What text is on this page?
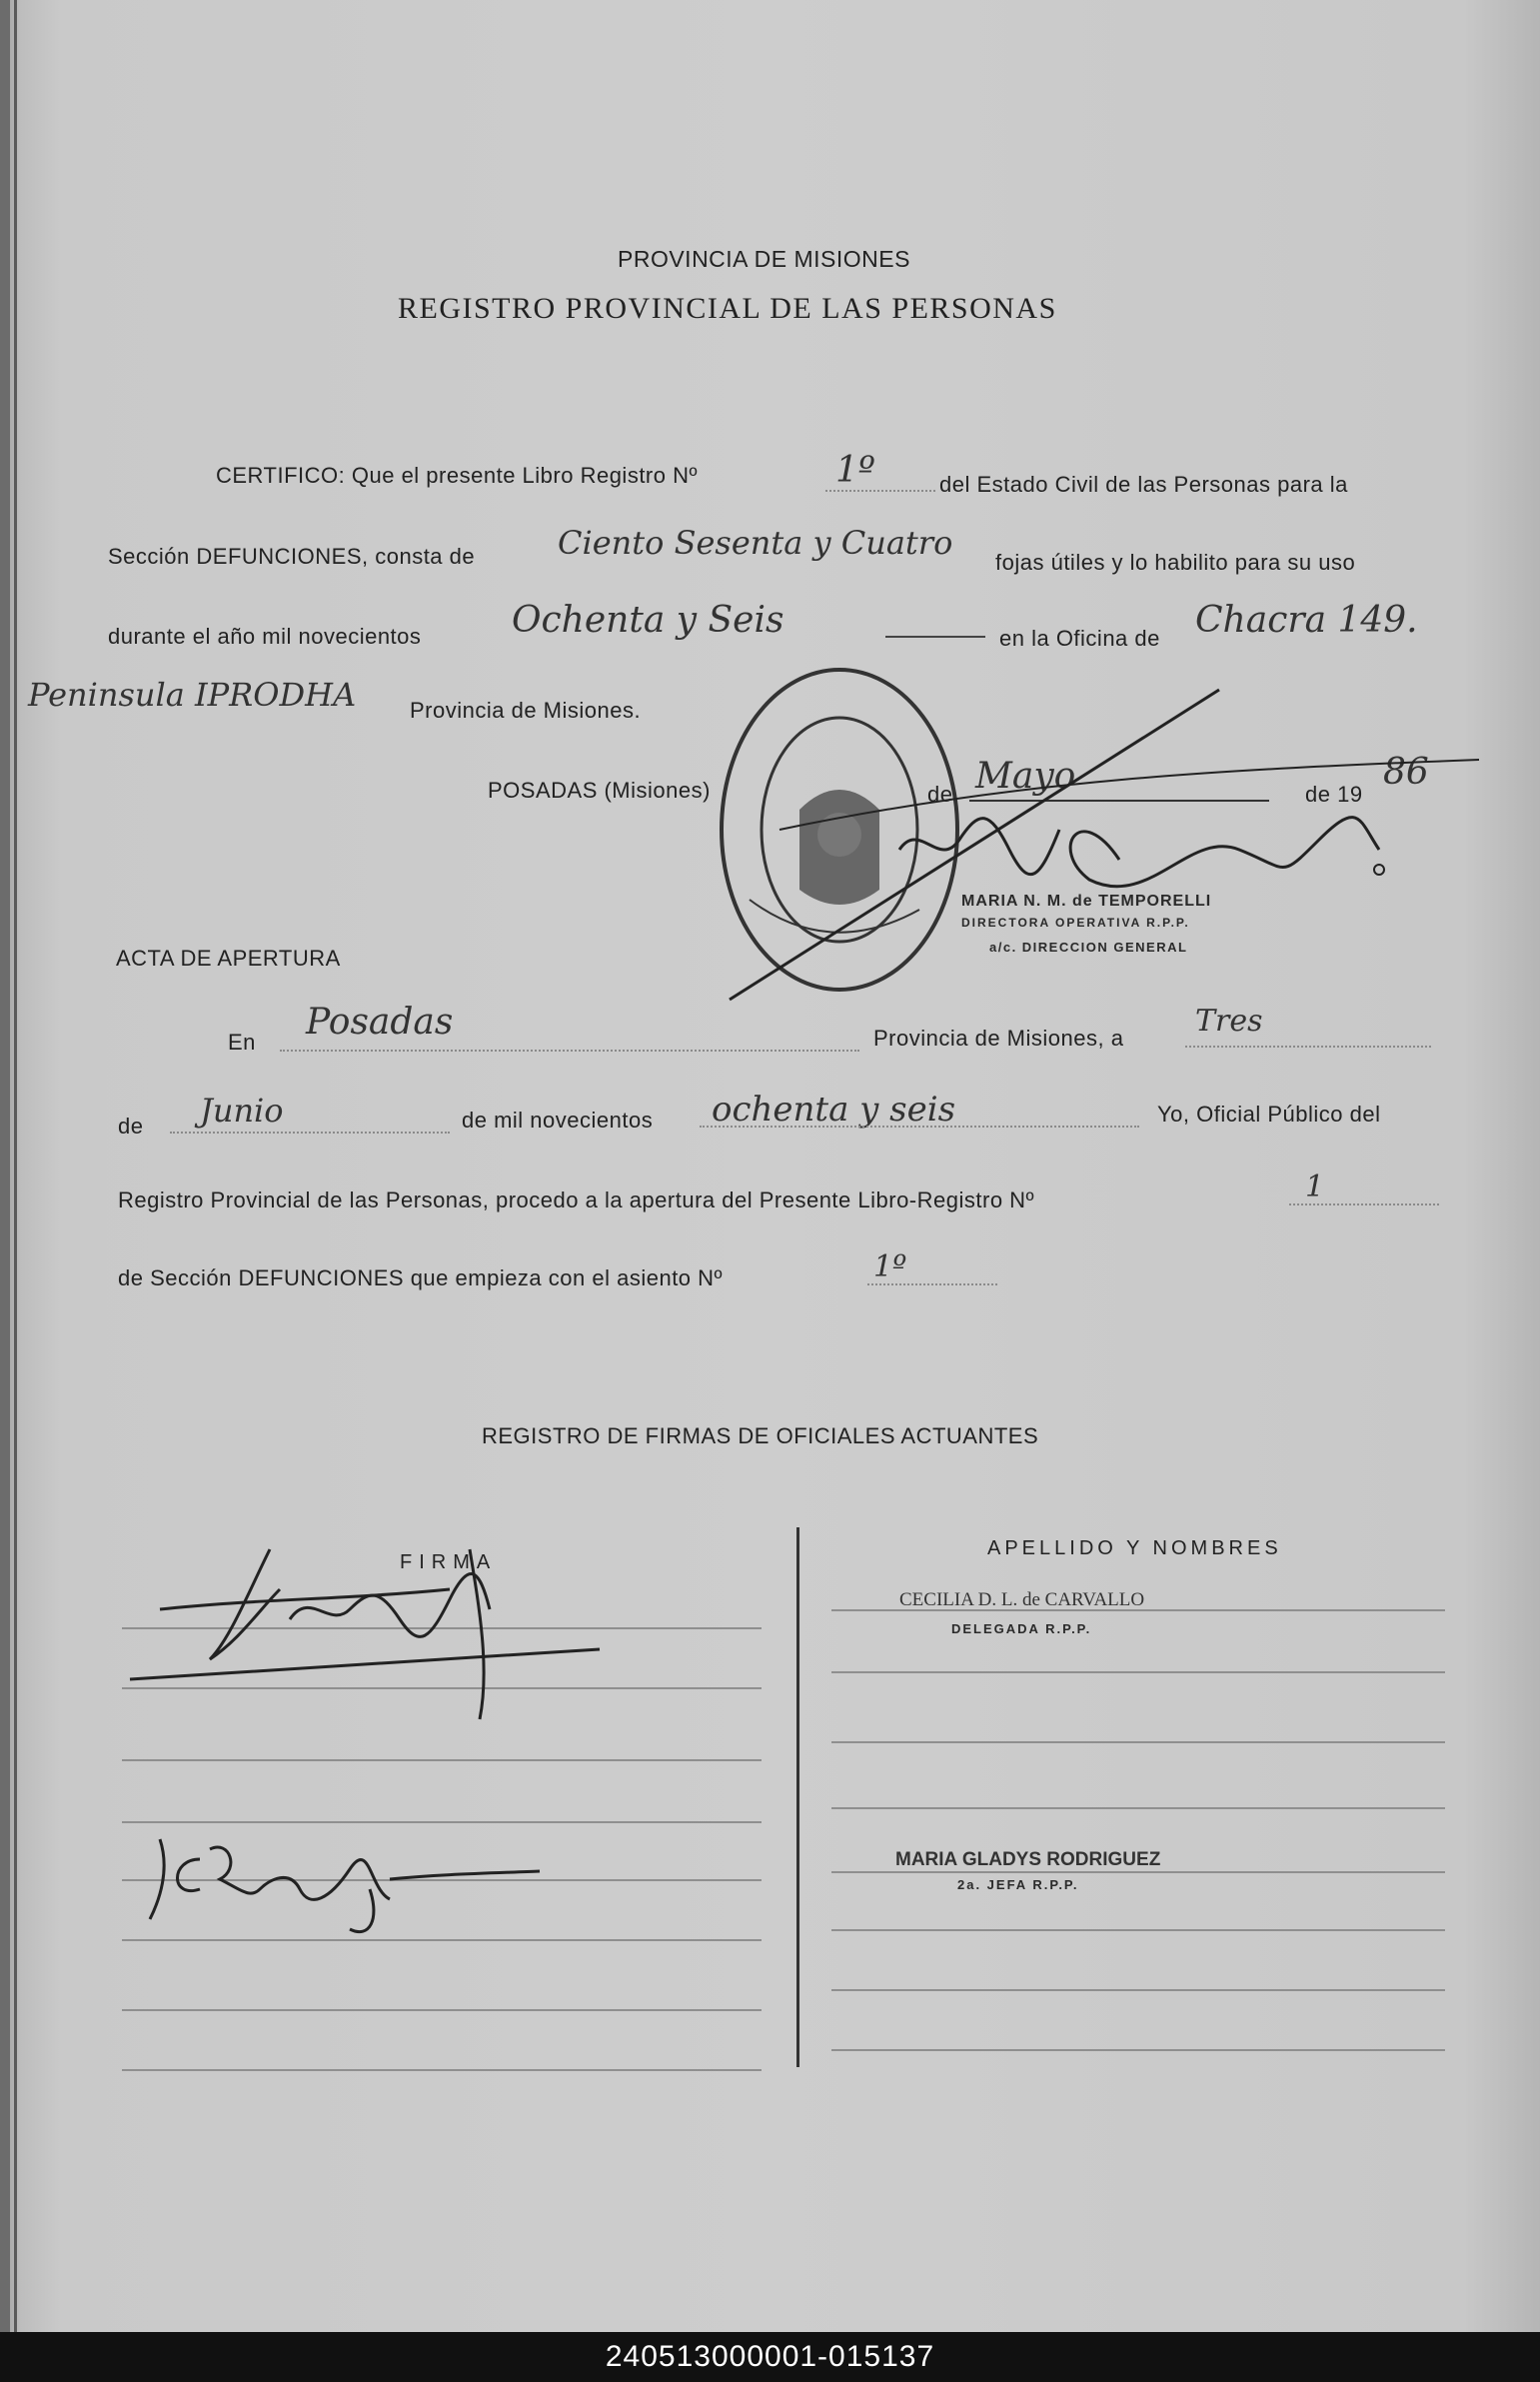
PROVINCIA DE MISIONES
REGISTRO PROVINCIAL DE LAS PERSONAS
CERTIFICO: Que el presente Libro Registro Nº	1º	del Estado Civil de las Personas para la
Sección DEFUNCIONES, consta de	Ciento Sesenta y Cuatro
fojas útiles y lo habilito para su uso
durante el año mil novecientos	Ochenta y Seis	en la Oficina de Chacra 149.
Peninsula IPRODHA Provincia de Misiones.
POSADAS (Misiones)	de Mayo	de 19
86
MARIA N. M. de TEMPORELLI
DIRECTORA OPERATIVA R.P.P.
a/c. DIRECCION GENERAL
ACTA DE APERTURA
En Posadas	Provincia de Misiones, a Tres
de Junio	de mil novecientos ochenta y seis	Yo, Oficial Público del
Registro Provincial de las Personas, procedo a la apertura del Presente Libro-Registro Nº	1
de Sección DEFUNCIONES que empieza con el asiento Nº	1º
REGISTRO DE FIRMAS DE OFICIALES ACTUANTES
FIRMA
APELLIDO Y NOMBRES
CECILIA D. L. de CARVALLO
DELEGADA R.P.P.
MARIA GLADYS RODRIGUEZ
2a. JEFA R.P.P.
240513000001-015137
